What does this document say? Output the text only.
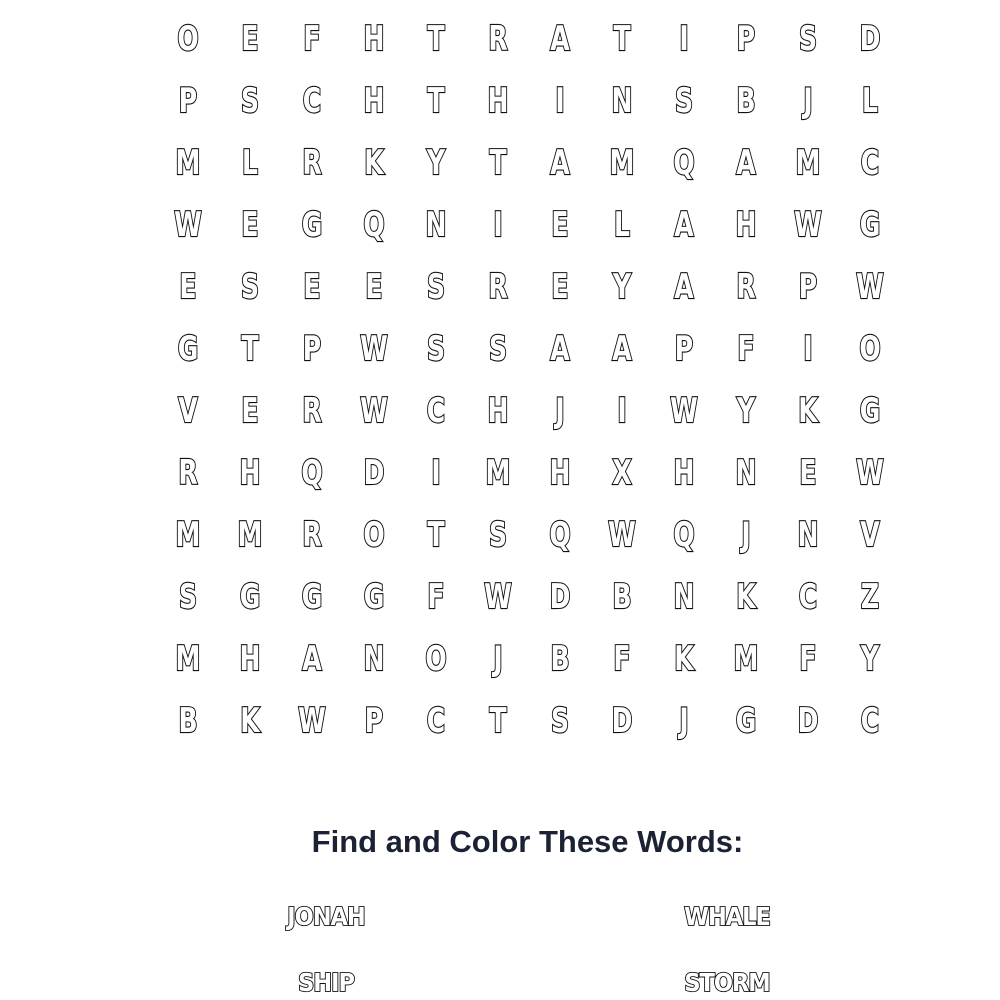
O	E	F	H	T	R	A	T	I	P	S	D
P	S	C	H	T	H	I	N	S	B	J	L
M	L	R	K	Y	T	A	M	Q	A	M	C
W	E	G	Q	N	I	E	L	A	H	W	G
E	S	E	E	S	R	E	Y	A	R	P	W
G	T	P	W	S	S	A	A	P	F	I	O
V	E	R	W	C	H	J	I	W	Y	K	G
R	H	Q	D	I	M	H	X	H	N	E	W
M	M	R	O	T	S	Q	W	Q	J	N	V
S	G	G	G	F	W	D	B	N	K	C	Z
M	H	A	N	O	J	B	F	K	M	F	Y
B	K	W	P	C	T	S	D	J	G	D	C
Find and Color These Words:
JONAH	WHALE
SHIP	STORM
